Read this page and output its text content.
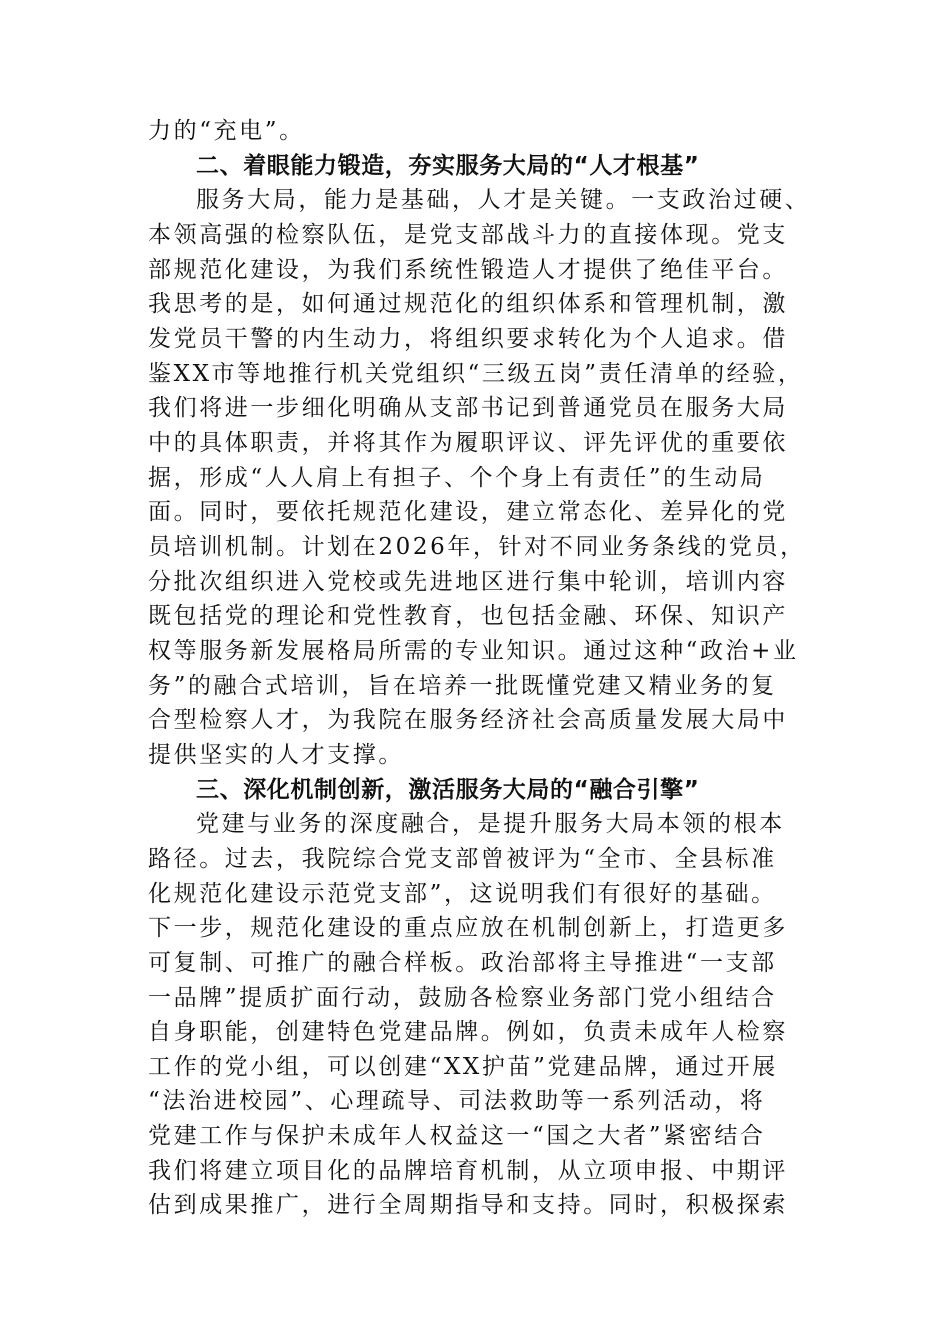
力的“充电”。
二、着眼能力锻造，夯实服务大局的“人才根基”
服务大局，能力是基础，人才是关键。一支政治过硬、
本领高强的检察队伍，是党支部战斗力的直接体现。党支
部规范化建设，为我们系统性锻造人才提供了绝佳平台。
我思考的是，如何通过规范化的组织体系和管理机制，激
发党员干警的内生动力，将组织要求转化为个人追求。借
鉴XX市等地推行机关党组织“三级五岗”责任清单的经验，
我们将进一步细化明确从支部书记到普通党员在服务大局
中的具体职责，并将其作为履职评议、评先评优的重要依
据，形成“人人肩上有担子、个个身上有责任”的生动局
面。同时，要依托规范化建设，建立常态化、差异化的党
员培训机制。计划在2026年，针对不同业务条线的党员，
分批次组织进入党校或先进地区进行集中轮训，培训内容
既包括党的理论和党性教育，也包括金融、环保、知识产
权等服务新发展格局所需的专业知识。通过这种“政治+业
务”的融合式培训，旨在培养一批既懂党建又精业务的复
合型检察人才，为我院在服务经济社会高质量发展大局中
提供坚实的人才支撑。
三、深化机制创新，激活服务大局的“融合引擎”
党建与业务的深度融合，是提升服务大局本领的根本
路径。过去，我院综合党支部曾被评为“全市、全县标准
化规范化建设示范党支部”，这说明我们有很好的基础。
下一步，规范化建设的重点应放在机制创新上，打造更多
可复制、可推广的融合样板。政治部将主导推进“一支部
一品牌”提质扩面行动，鼓励各检察业务部门党小组结合
自身职能，创建特色党建品牌。例如，负责未成年人检察
工作的党小组，可以创建“XX护苗”党建品牌，通过开展
“法治进校园”、心理疏导、司法救助等一系列活动，将
党建工作与保护未成年人权益这一“国之大者”紧密结合
我们将建立项目化的品牌培育机制，从立项申报、中期评
估到成果推广，进行全周期指导和支持。同时，积极探索
